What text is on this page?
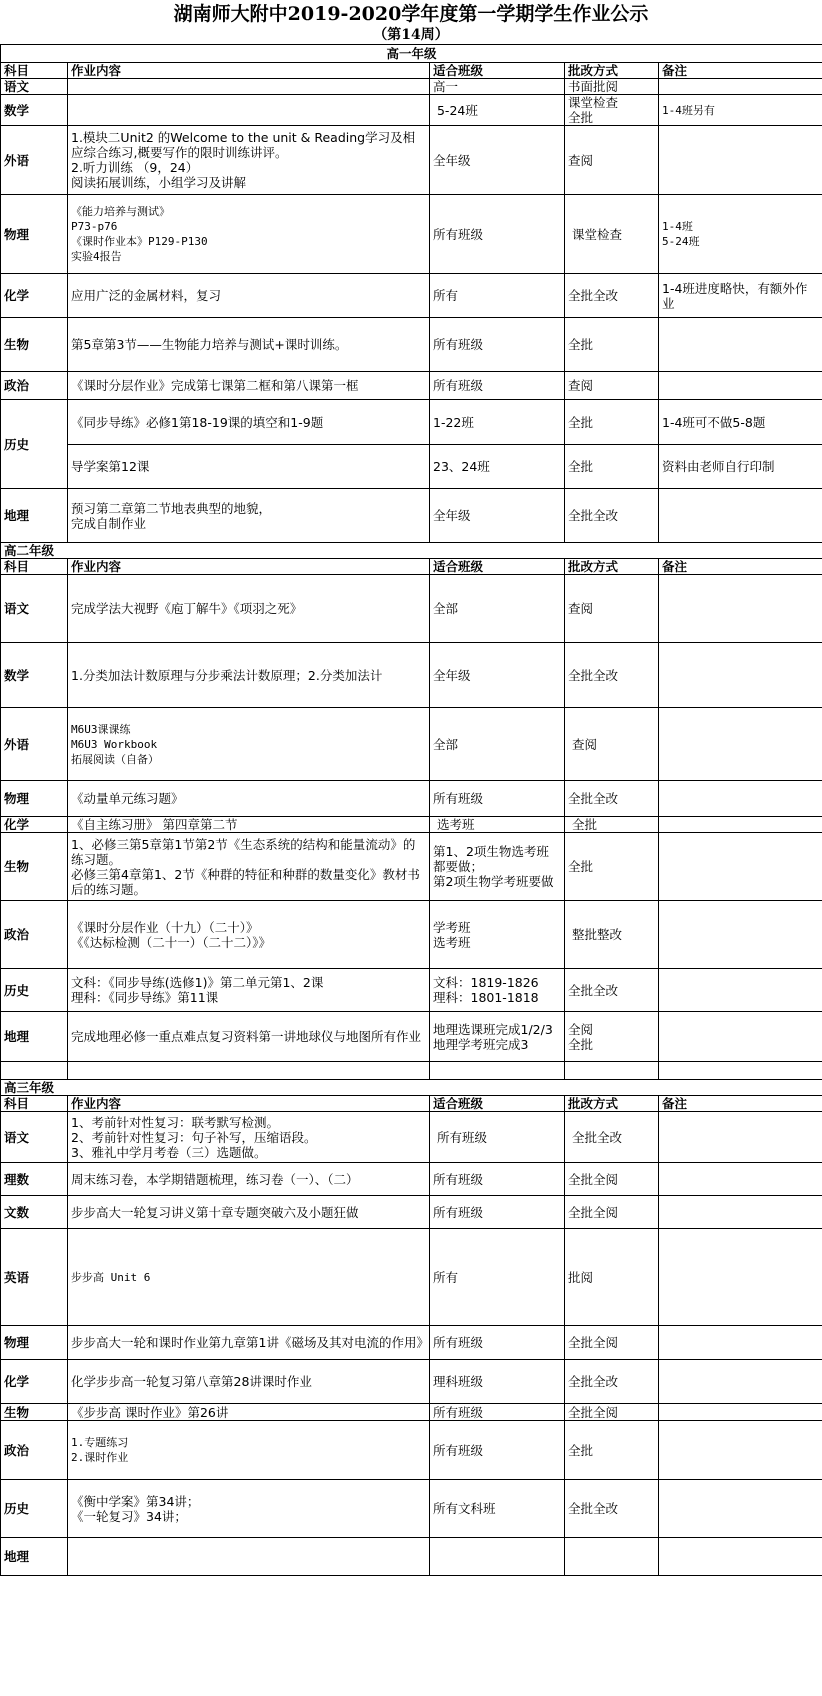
湖南师大附中2019-2020学年度第一学期学生作业公示
（第14周）
高一年级				
科目	作业内容	适合班级	批改方式	备注
语文		高一	书面批阅	

数学		5-24班	课堂检查
全批	1-4班另有

外语	1.模块二Unit2 的Welcome to the unit & Reading学习及相应综合练习,概要写作的限时训练讲评。
2.听力训练 （9，24）
阅读拓展训练，小组学习及讲解	全年级	查阅	

物理	《能力培养与测试》
P73-p76
《课时作业本》P129-P130
实验4报告	所有班级	课堂检查	1-4班
5-24班

化学	应用广泛的金属材料，复习	所有	全批全改	1-4班进度略快，有额外作业

生物	第5章第3节——生物能力培养与测试+课时训练。	所有班级	全批	

政治	《课时分层作业》完成第七课第二框和第八课第一框	所有班级	查阅	

历史	《同步导练》必修1第18-19课的填空和1-9题	1-22班	全批	1-4班可不做5-8题

	导学案第12课	23、24班	全批	资料由老师自行印制

地理	预习第二章第二节地表典型的地貌，
完成自制作业	全年级	全批全改	

高二年级				
科目	作业内容	适合班级	批改方式	备注
语文	完成学法大视野《庖丁解牛》《项羽之死》	全部	查阅	

数学	1.分类加法计数原理与分步乘法计数原理；2.分类加法计	全年级	全批全改	

外语	M6U3课课练
M6U3 Workbook
拓展阅读（自备）	全部	查阅	

物理	《动量单元练习题》	所有班级	全批全改	

化学	《自主练习册》 第四章第二节	选考班	全批	

生物	1、必修三第5章第1节第2节《生态系统的结构和能量流动》的练习题。
必修三第4章第1、2节《种群的特征和种群的数量变化》教材书后的练习题。	第1、2项生物选考班都要做；
第2项生物学考班要做	全批	

政治	《课时分层作业（十九）（二十）》
《《达标检测（二十一）（二十二）》》	学考班
选考班	整批整改	

历史	文科：《同步导练(选修1)》第二单元第1、2课
理科：《同步导练》第11课	文科：1819-1826
理科：1801-1818	全批全改	

地理	完成地理必修一重点难点复习资料第一讲地球仪与地图所有作业	地理选课班完成1/2/3
地理学考班完成3	全阅
全批	

高三年级				
科目	作业内容	适合班级	批改方式	备注
语文	1、考前针对性复习：联考默写检测。
2、考前针对性复习：句子补写，压缩语段。
3、雅礼中学月考卷（三）选题做。	所有班级	全批全改	

理数	周末练习卷，本学期错题梳理，练习卷（一）、（二）	所有班级	全批全阅	

文数	步步高大一轮复习讲义第十章专题突破六及小题狂做	所有班级	全批全阅	

英语	步步高 Unit 6	所有	批阅	

物理	步步高大一轮和课时作业第九章第1讲《磁场及其对电流的作用》	所有班级	全批全阅	

化学	化学步步高一轮复习第八章第28讲课时作业	理科班级	全批全改	

生物	《步步高 课时作业》第26讲	所有班级	全批全阅	

政治	1.专题练习
2.课时作业	所有班级	全批	

历史	《衡中学案》第34讲；
《一轮复习》34讲；	所有文科班	全批全改	

地理				
